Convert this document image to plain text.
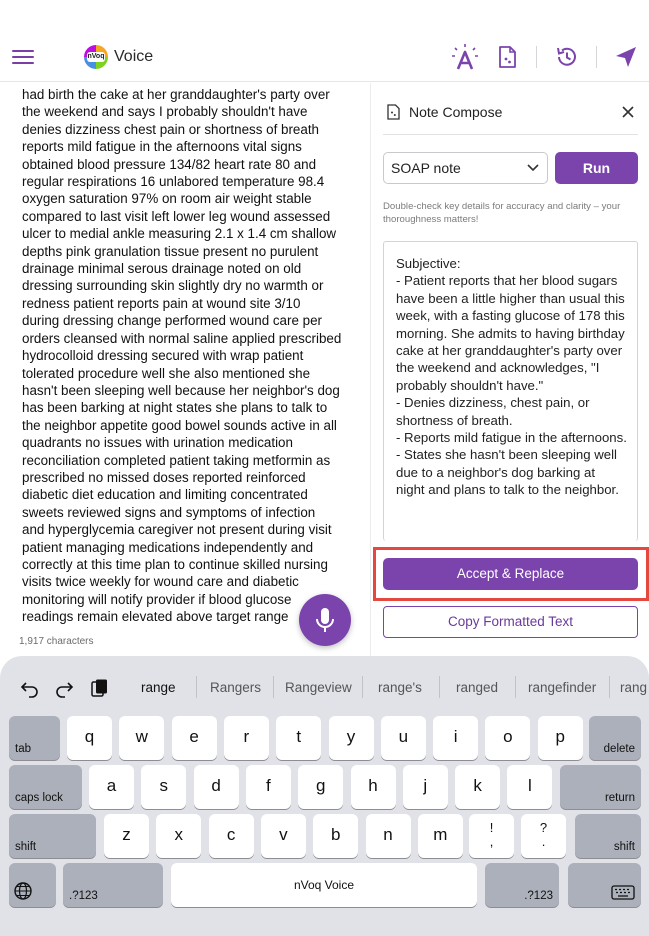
nVoq Voice
had birth the cake at her granddaughter's party over
the weekend and says I probably shouldn't have
denies dizziness chest pain or shortness of breath
reports mild fatigue in the afternoons vital signs
obtained blood pressure 134/82 heart rate 80 and
regular respirations 16 unlabored temperature 98.4
oxygen saturation 97% on room air weight stable
compared to last visit left lower leg wound assessed
ulcer to medial ankle measuring 2.1 x 1.4 cm shallow
depths pink granulation tissue present no purulent
drainage minimal serous drainage noted on old
dressing surrounding skin slightly dry no warmth or
redness patient reports pain at wound site 3/10
during dressing change performed wound care per
orders cleansed with normal saline applied prescribed
hydrocolloid dressing secured with wrap patient
tolerated procedure well she also mentioned she
hasn't been sleeping well because her neighbor's dog
has been barking at night states she plans to talk to
the neighbor appetite good bowel sounds active in all
quadrants no issues with urination medication
reconciliation completed patient taking metformin as
prescribed no missed doses reported reinforced
diabetic diet education and limiting concentrated
sweets reviewed signs and symptoms of infection
and hyperglycemia caregiver not present during visit
patient managing medications independently and
correctly at this time plan to continue skilled nursing
visits twice weekly for wound care and diabetic
monitoring will notify provider if blood glucose
readings remain elevated above target range
1,917 characters
Note Compose
SOAP note	Run
Double-check key details for accuracy and clarity – your thoroughness matters!
Subjective:
- Patient reports that her blood sugars have been a little higher than usual this week, with a fasting glucose of 178 this morning. She admits to having birthday cake at her granddaughter's party over the weekend and acknowledges, "I probably shouldn't have."
- Denies dizziness, chest pain, or shortness of breath.
- Reports mild fatigue in the afternoons.
- States she hasn't been sleeping well due to a neighbor's dog barking at night and plans to talk to the neighbor.
Accept & Replace
Copy Formatted Text
range	Rangers Rangeview range's	ranged rangefinder rang
tab
q	w	e	r	t	y	u	i	o	p
delete
caps lock
a	s	d	f	g	h	j	k	l
return
shift
z	x	c	v	b	n	m	!
,
?
.	shift
.?123
nVoq Voice
.?123
